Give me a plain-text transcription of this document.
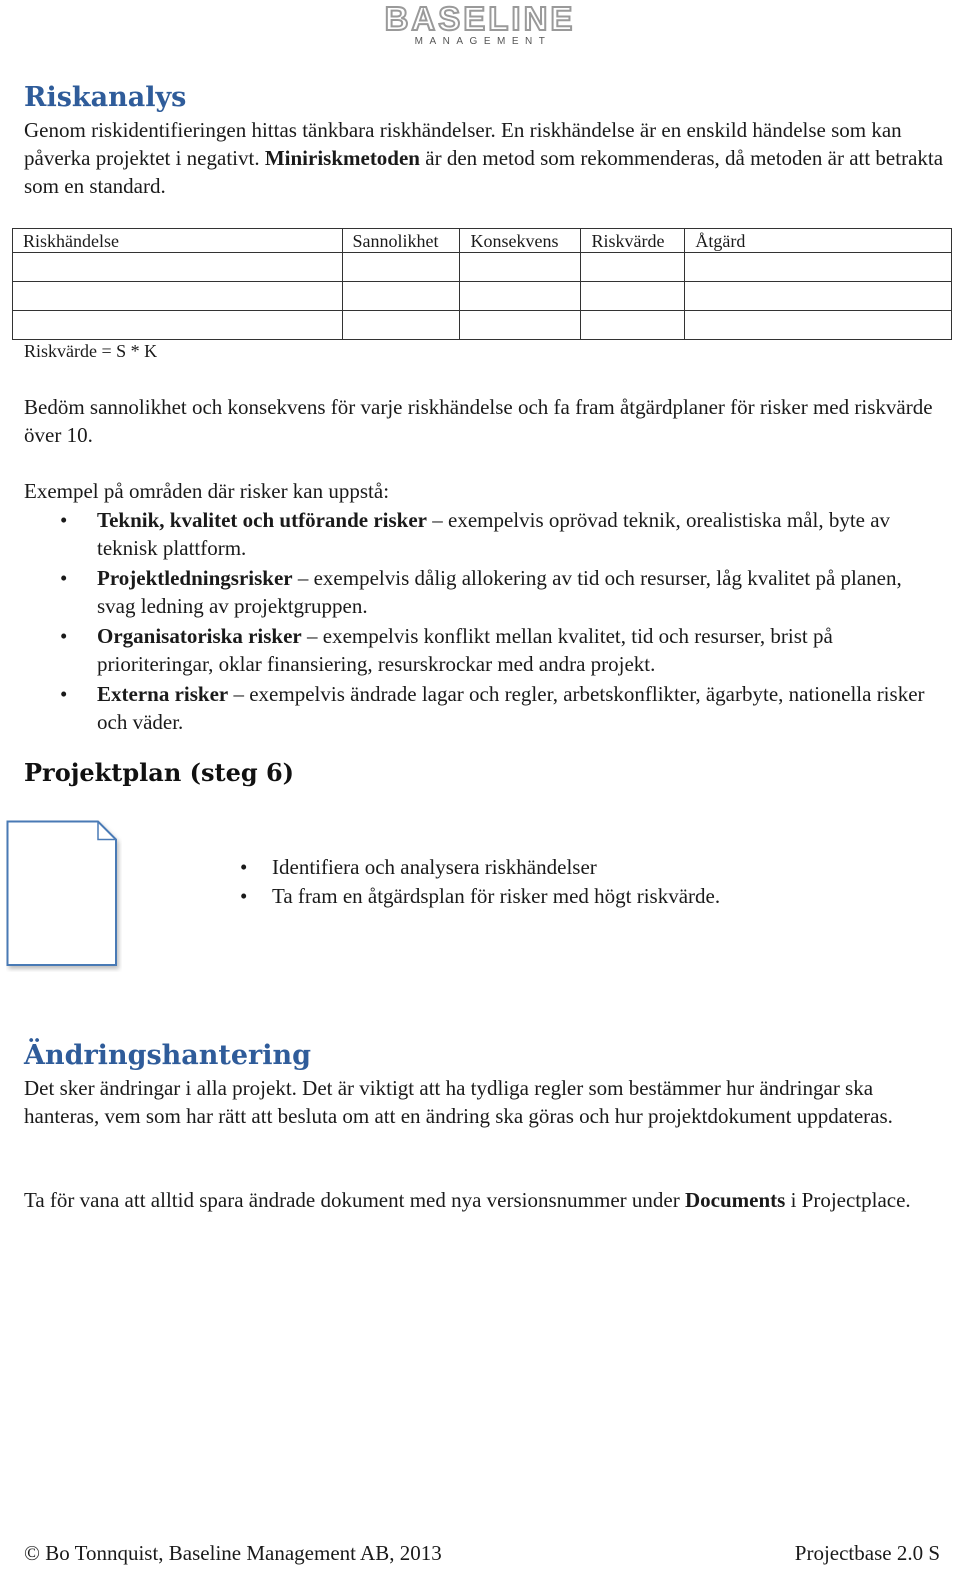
BASELINE
MANAGEMENT
Riskanalys

Genom riskidentifieringen hittas tänkbara riskhändelser. En riskhändelse är en enskild händelse som kan påverka projektet i negativt. Miniriskmetoden är den metod som rekommenderas, då metoden är att betrakta som en standard.

Riskhändelse	Sannolikhet	Konsekvens	Riskvärde	Åtgärd

Riskvärde = S * K

Bedöm sannolikhet och konsekvens för varje riskhändelse och fa fram åtgärdplaner för risker med riskvärde över 10.

Exempel på områden där risker kan uppstå:

• Teknik, kvalitet och utförande risker – exempelvis oprövad teknik, orealistiska mål, byte av teknisk plattform.
• Projektledningsrisker – exempelvis dålig allokering av tid och resurser, låg kvalitet på planen, svag ledning av projektgruppen.
• Organisatoriska risker – exempelvis konflikt mellan kvalitet, tid och resurser, brist på prioriteringar, oklar finansiering, resurskrockar med andra projekt.
• Externa risker – exempelvis ändrade lagar och regler, arbetskonflikter, ägarbyte, nationella risker och väder.
Projektplan (steg 6)
• Identifiera och analysera riskhändelser
• Ta fram en åtgärdsplan för risker med högt riskvärde.
Ändringshantering

Det sker ändringar i alla projekt. Det är viktigt att ha tydliga regler som bestämmer hur ändringar ska hanteras, vem som har rätt att besluta om att en ändring ska göras och hur projektdokument uppdateras.

Ta för vana att alltid spara ändrade dokument med nya versionsnummer under Documents i Projectplace.

© Bo Tonnquist, Baseline Management AB, 2013	Projectbase 2.0 S
